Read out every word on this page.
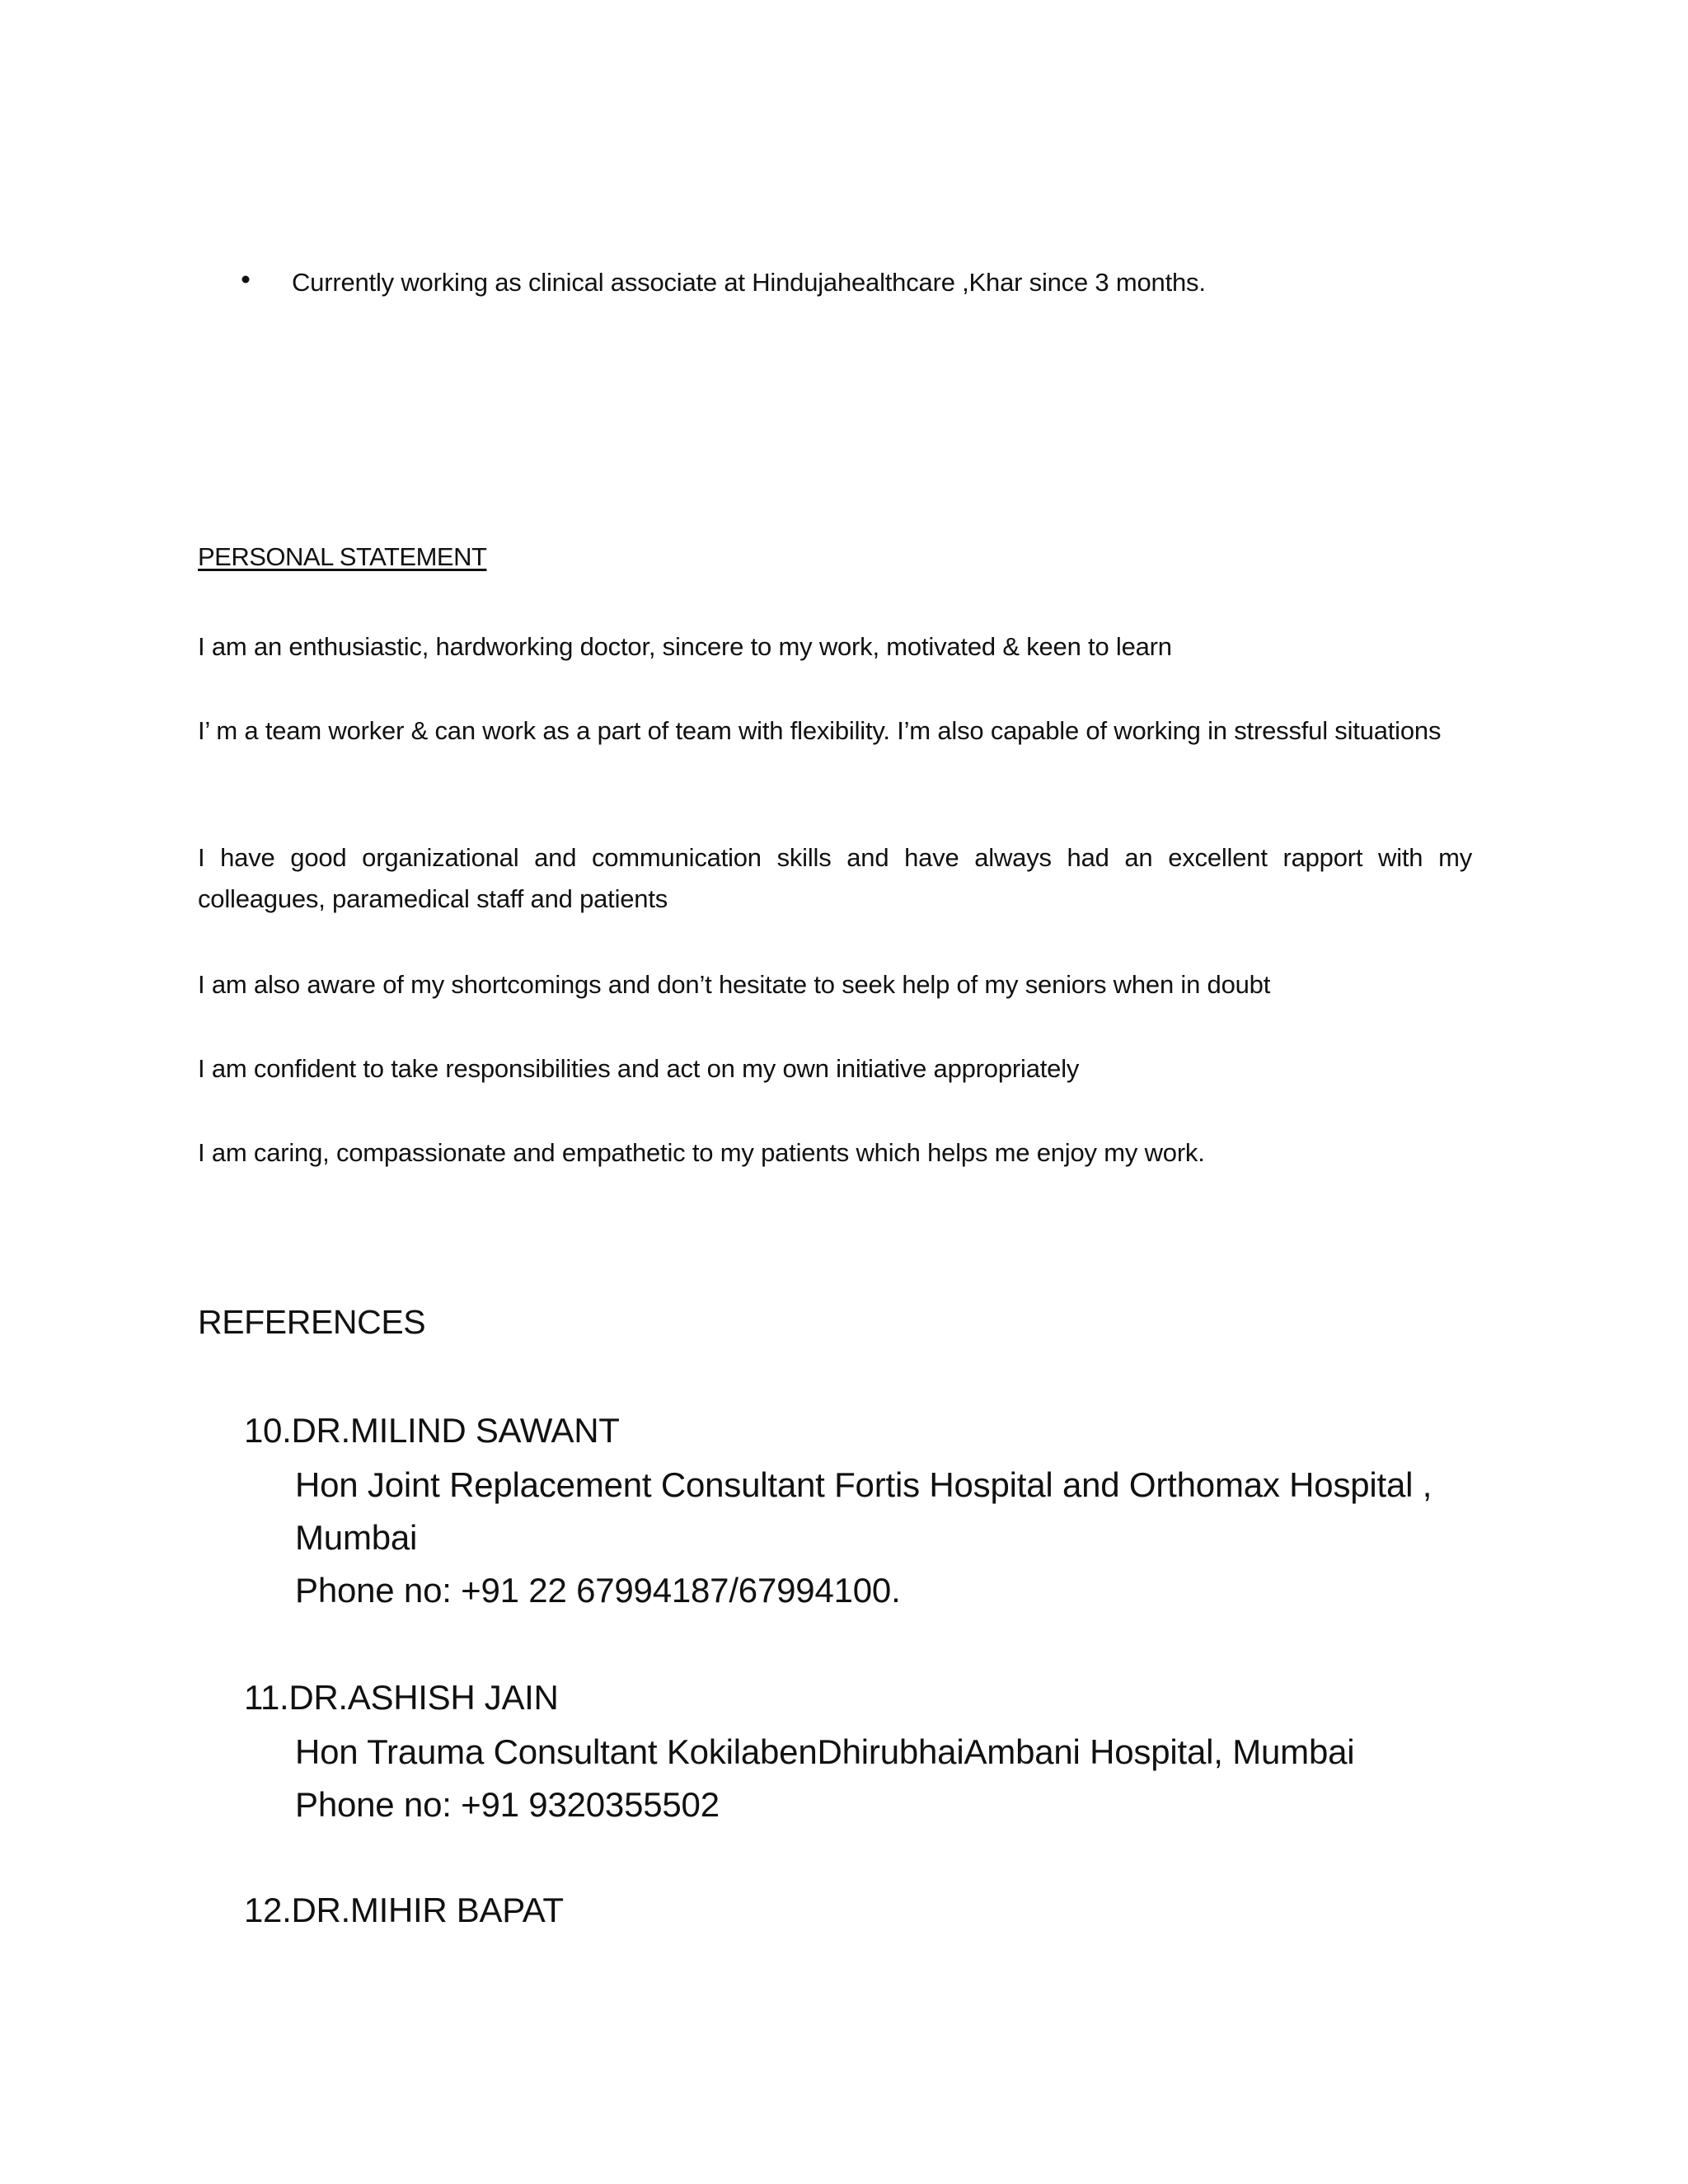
Currently working as clinical associate at Hindujahealthcare ,Khar since 3 months.
PERSONAL STATEMENT
I am an enthusiastic, hardworking doctor, sincere to my work, motivated & keen to learn
I’ m a team worker & can work as a part of team with flexibility. I’m also capable of working in stressful situations
I have good organizational and communication skills and have always had an excellent rapport with my colleagues, paramedical staff and patients
I am also aware of my shortcomings and don’t hesitate to seek help of my seniors when in doubt
I am confident to take responsibilities and act on my own initiative appropriately
I am caring, compassionate and empathetic to my patients which helps me enjoy my work.
REFERENCES
10.DR.MILIND SAWANT
Hon Joint Replacement Consultant Fortis Hospital and Orthomax Hospital , Mumbai
Phone no: +91 22 67994187/67994100.
11.DR.ASHISH JAIN
Hon Trauma Consultant KokilabenDhirubhaiAmbani Hospital, Mumbai
Phone no: +91 9320355502
12.DR.MIHIR BAPAT
